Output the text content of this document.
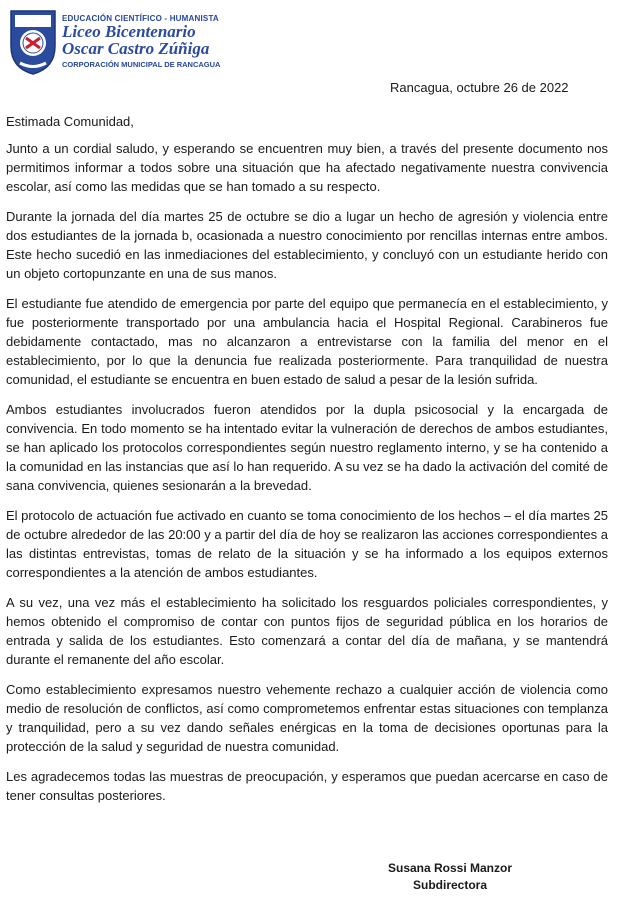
EDUCACIÓN CIENTÍFICO - HUMANISTA
Liceo Bicentenario
Oscar Castro Zúñiga
CORPORACIÓN MUNICIPAL DE RANCAGUA
Rancagua, octubre 26 de 2022

Estimada Comunidad,

Junto a un cordial saludo, y esperando se encuentren muy bien, a través del presente documento nos permitimos informar a todos sobre una situación que ha afectado negativamente nuestra convivencia escolar, así como las medidas que se han tomado a su respecto.

Durante la jornada del día martes 25 de octubre se dio a lugar un hecho de agresión y violencia entre dos estudiantes de la jornada b, ocasionada a nuestro conocimiento por rencillas internas entre ambos. Este hecho sucedió en las inmediaciones del establecimiento, y concluyó con un estudiante herido con un objeto cortopunzante en una de sus manos.

El estudiante fue atendido de emergencia por parte del equipo que permanecía en el establecimiento, y fue posteriormente transportado por una ambulancia hacia el Hospital Regional. Carabineros fue debidamente contactado, mas no alcanzaron a entrevistarse con la familia del menor en el establecimiento, por lo que la denuncia fue realizada posteriormente. Para tranquilidad de nuestra comunidad, el estudiante se encuentra en buen estado de salud a pesar de la lesión sufrida.

Ambos estudiantes involucrados fueron atendidos por la dupla psicosocial y la encargada de convivencia. En todo momento se ha intentado evitar la vulneración de derechos de ambos estudiantes, se han aplicado los protocolos correspondientes según nuestro reglamento interno, y se ha contenido a la comunidad en las instancias que así lo han requerido. A su vez se ha dado la activación del comité de sana convivencia, quienes sesionarán a la brevedad.

El protocolo de actuación fue activado en cuanto se toma conocimiento de los hechos – el día martes 25 de octubre alrededor de las 20:00 y a partir del día de hoy se realizaron las acciones correspondientes a las distintas entrevistas, tomas de relato de la situación y se ha informado a los equipos externos correspondientes a la atención de ambos estudiantes.

A su vez, una vez más el establecimiento ha solicitado los resguardos policiales correspondientes, y hemos obtenido el compromiso de contar con puntos fijos de seguridad pública en los horarios de entrada y salida de los estudiantes. Esto comenzará a contar del día de mañana, y se mantendrá durante el remanente del año escolar.

Como establecimiento expresamos nuestro vehemente rechazo a cualquier acción de violencia como medio de resolución de conflictos, así como comprometemos enfrentar estas situaciones con templanza y tranquilidad, pero a su vez dando señales enérgicas en la toma de decisiones oportunas para la protección de la salud y seguridad de nuestra comunidad.

Les agradecemos todas las muestras de preocupación, y esperamos que puedan acercarse en caso de tener consultas posteriores.

Susana Rossi Manzor
Subdirectora
